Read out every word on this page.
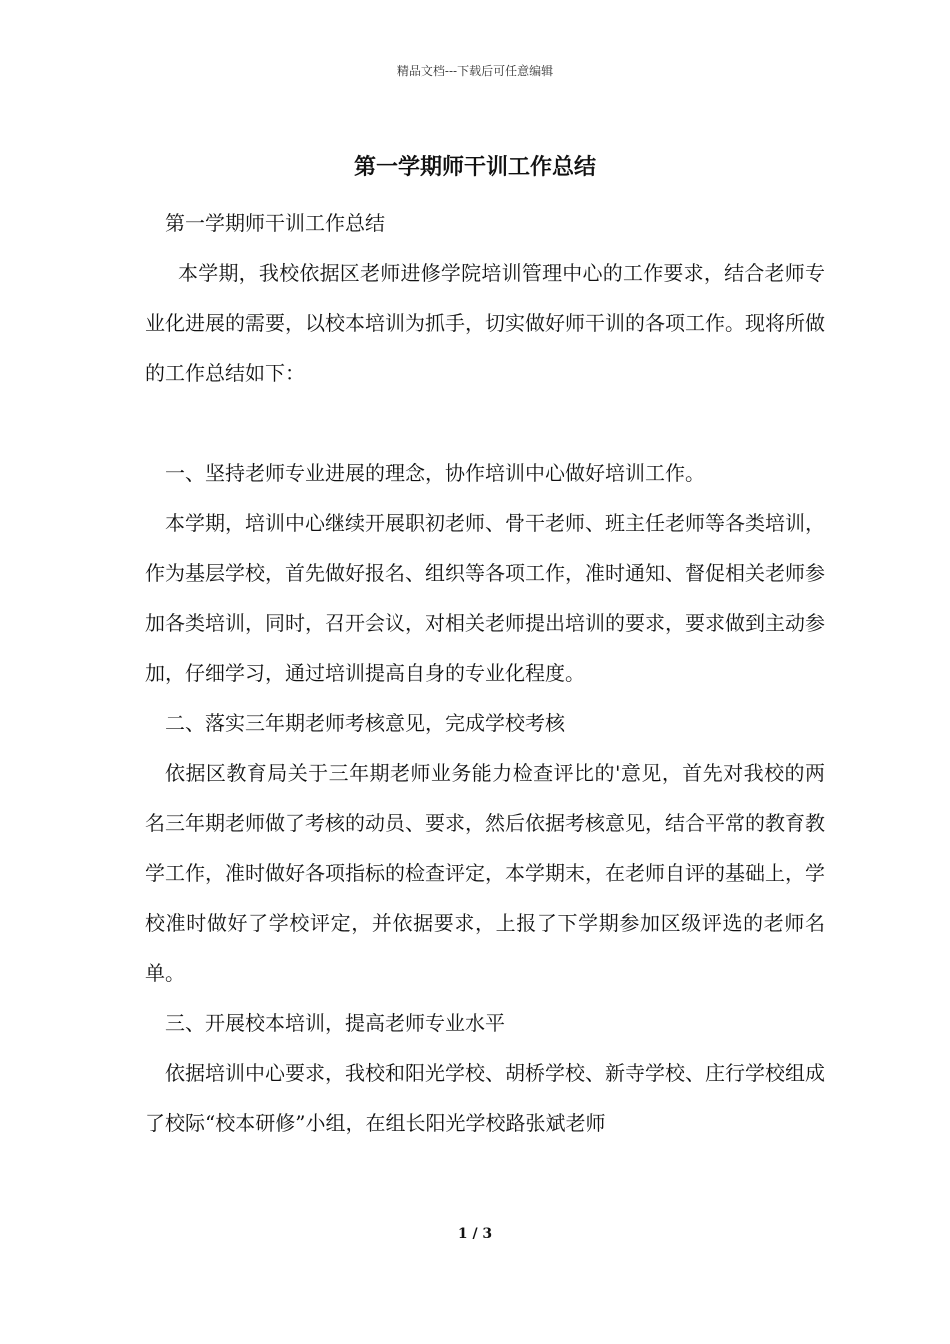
精品文档---下载后可任意编辑
第一学期师干训工作总结

第一学期师干训工作总结

本学期，我校依据区老师进修学院培训管理中心的工作要求，结合老师专业化进展的需要，以校本培训为抓手，切实做好师干训的各项工作。现将所做的工作总结如下：

一、坚持老师专业进展的理念，协作培训中心做好培训工作。

本学期，培训中心继续开展职初老师、骨干老师、班主任老师等各类培训，作为基层学校，首先做好报名、组织等各项工作，准时通知、督促相关老师参加各类培训，同时，召开会议，对相关老师提出培训的要求，要求做到主动参加，仔细学习，通过培训提高自身的专业化程度。

二、落实三年期老师考核意见，完成学校考核

依据区教育局关于三年期老师业务能力检查评比的'意见，首先对我校的两名三年期老师做了考核的动员、要求，然后依据考核意见，结合平常的教育教学工作，准时做好各项指标的检查评定，本学期末，在老师自评的基础上，学校准时做好了学校评定，并依据要求，上报了下学期参加区级评选的老师名单。

三、开展校本培训，提高老师专业水平

依据培训中心要求，我校和阳光学校、胡桥学校、新寺学校、庄行学校组成了校际“校本研修”小组，在组长阳光学校路张斌老师

1 / 3
